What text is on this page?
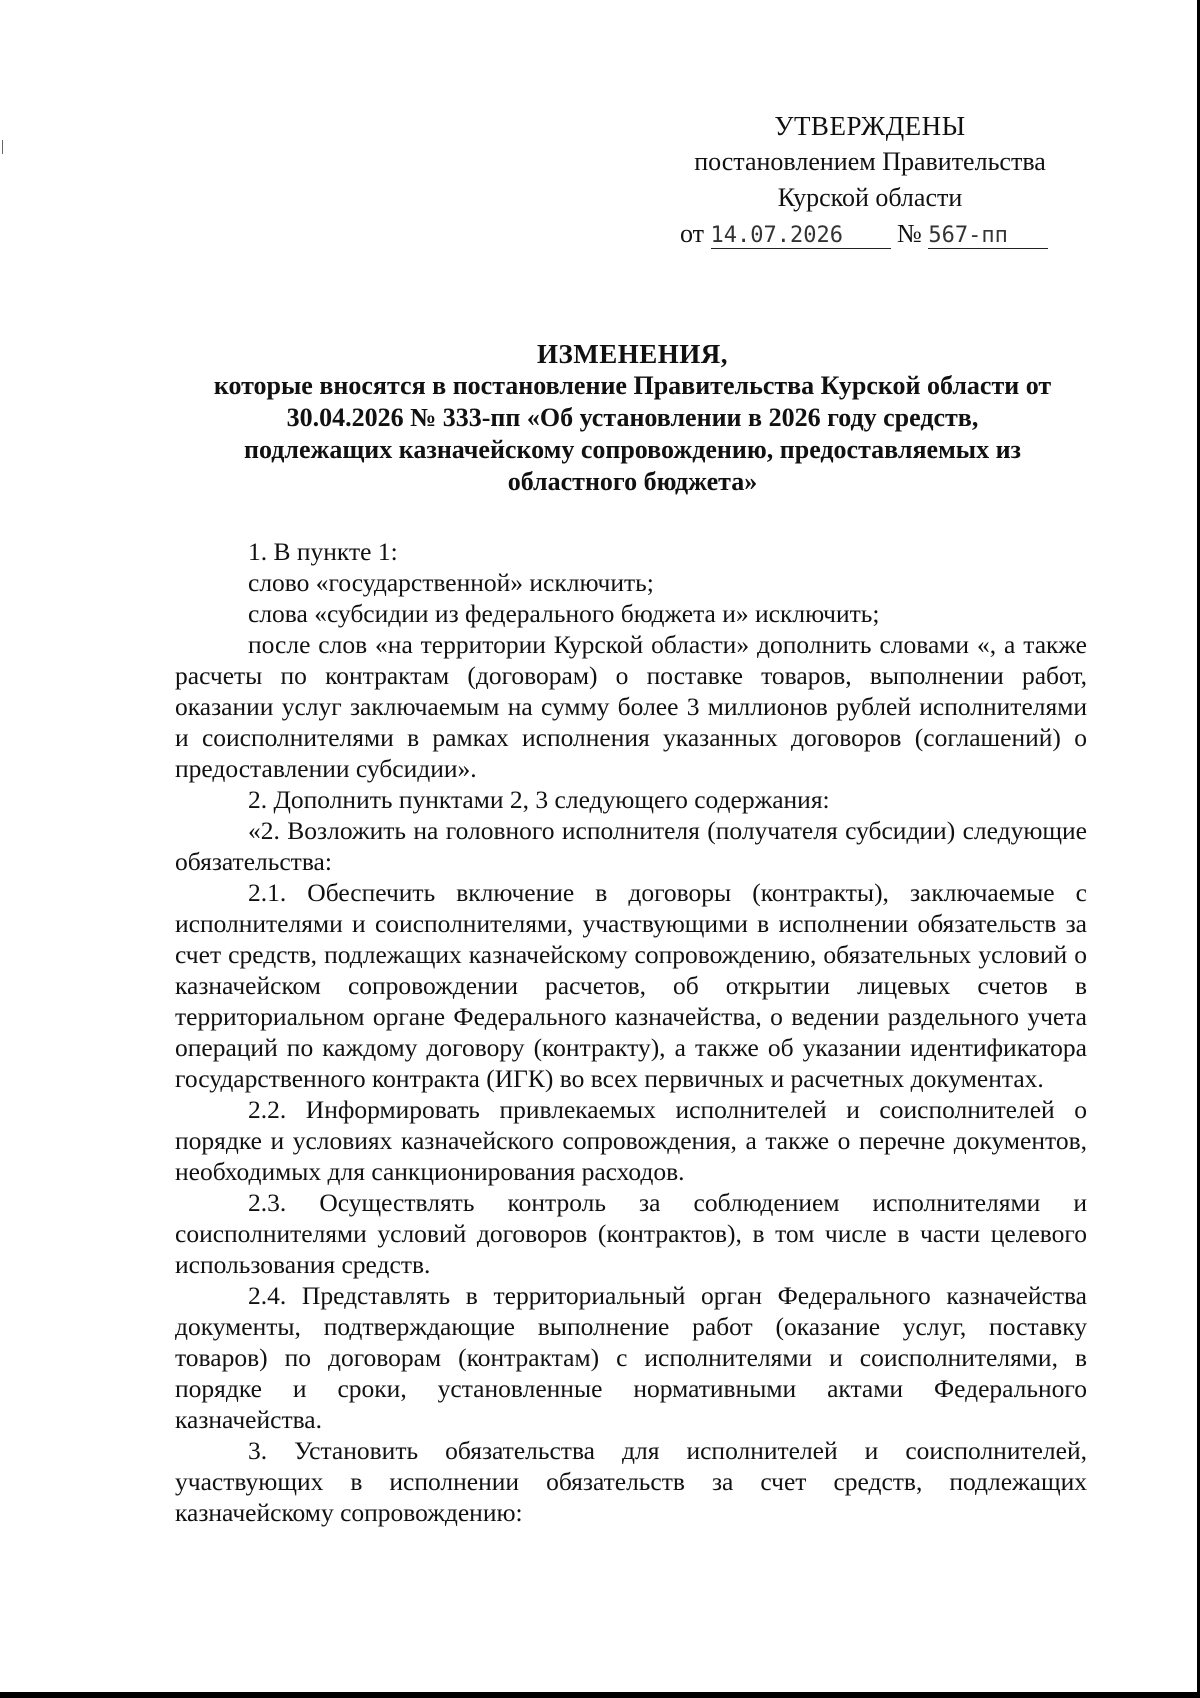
УТВЕРЖДЕНЫ
постановлением Правительства
Курской области
от 14.07.2026 № 567-пп
ИЗМЕНЕНИЯ,
которые вносятся в постановление Правительства Курской области от
30.04.2026 № 333-пп «Об установлении в 2026 году средств,
подлежащих казначейскому сопровождению, предоставляемых из
областного бюджета»

1. В пункте 1:

слово «государственной» исключить;

слова «субсидии из федерального бюджета и» исключить;

после слов «на территории Курской области» дополнить словами «, а также расчеты по контрактам (договорам) о поставке товаров, выполнении работ, оказании услуг заключаемым на сумму более 3 миллионов рублей исполнителями и соисполнителями в рамках исполнения указанных договоров (соглашений) о предоставлении субсидии».

2. Дополнить пунктами 2, 3 следующего содержания:

«2. Возложить на головного исполнителя (получателя субсидии) следующие обязательства:

2.1. Обеспечить включение в договоры (контракты), заключаемые с исполнителями и соисполнителями, участвующими в исполнении обязательств за счет средств, подлежащих казначейскому сопровождению, обязательных условий о казначейском сопровождении расчетов, об открытии лицевых счетов в территориальном органе Федерального казначейства, о ведении раздельного учета операций по каждому договору (контракту), а также об указании идентификатора государственного контракта (ИГК) во всех первичных и расчетных документах.

2.2. Информировать привлекаемых исполнителей и соисполнителей о порядке и условиях казначейского сопровождения, а также о перечне документов, необходимых для санкционирования расходов.

2.3. Осуществлять контроль за соблюдением исполнителями и соисполнителями условий договоров (контрактов), в том числе в части целевого использования средств.

2.4. Представлять в территориальный орган Федерального казначейства документы, подтверждающие выполнение работ (оказание услуг, поставку товаров) по договорам (контрактам) с исполнителями и соисполнителями, в порядке и сроки, установленные нормативными актами Федерального казначейства.

3. Установить обязательства для исполнителей и соисполнителей, участвующих в исполнении обязательств за счет средств, подлежащих казначейскому сопровождению:
